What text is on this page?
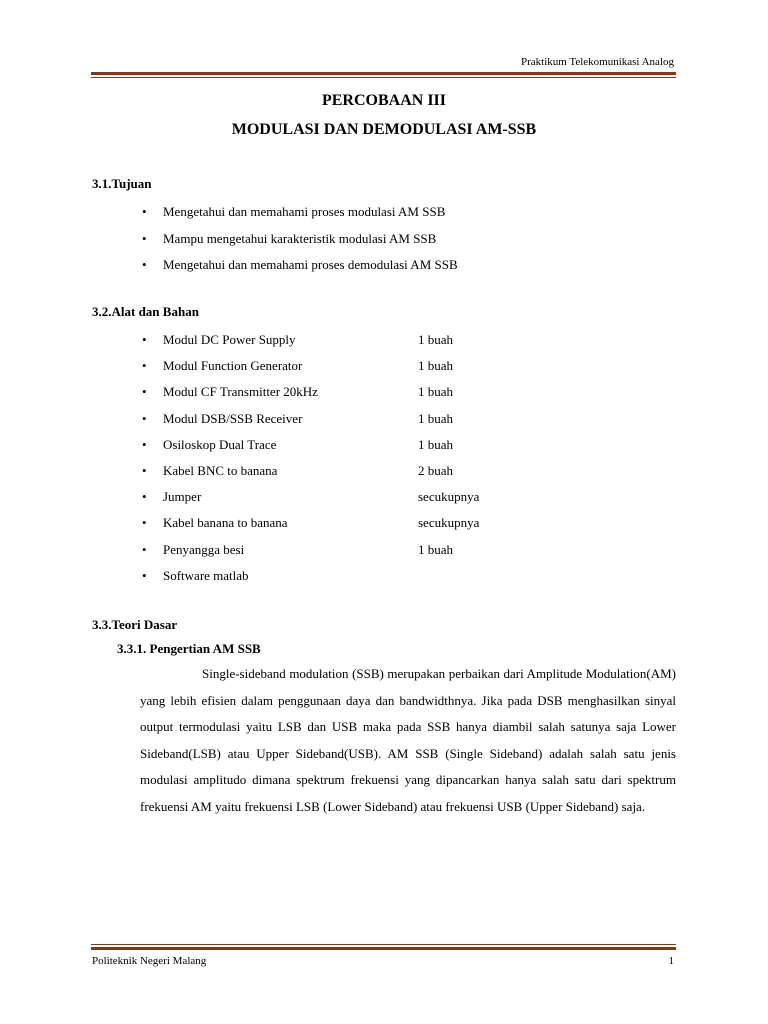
Praktikum Telekomunikasi Analog
PERCOBAAN III
MODULASI DAN DEMODULASI AM-SSB
3.1.Tujuan
•	Mengetahui dan memahami proses modulasi AM SSB
•	Mampu mengetahui karakteristik modulasi AM SSB
•	Mengetahui dan memahami proses demodulasi AM SSB
3.2.Alat dan Bahan
•	Modul DC Power Supply	1 buah
•	Modul Function Generator	1 buah
•	Modul CF Transmitter 20kHz	1 buah
•	Modul DSB/SSB Receiver	1 buah
•	Osiloskop Dual Trace	1 buah
•	Kabel BNC to banana	2 buah
•	Jumper	secukupnya
•	Kabel banana to banana	secukupnya
•	Penyangga besi	1 buah
•	Software matlab
3.3.Teori Dasar
3.3.1. Pengertian AM SSB

Single-sideband modulation (SSB) merupakan perbaikan dari Amplitude Modulation(AM) yang lebih efisien dalam penggunaan daya dan bandwidthnya. Jika pada DSB menghasilkan sinyal output termodulasi yaitu LSB dan USB maka pada SSB hanya diambil salah satunya saja Lower Sideband(LSB) atau Upper Sideband(USB). AM SSB (Single Sideband) adalah salah satu jenis modulasi amplitudo dimana spektrum frekuensi yang dipancarkan hanya salah satu dari spektrum frekuensi AM yaitu frekuensi LSB (Lower Sideband) atau frekuensi USB (Upper Sideband) saja.

Politeknik Negeri Malang	1
